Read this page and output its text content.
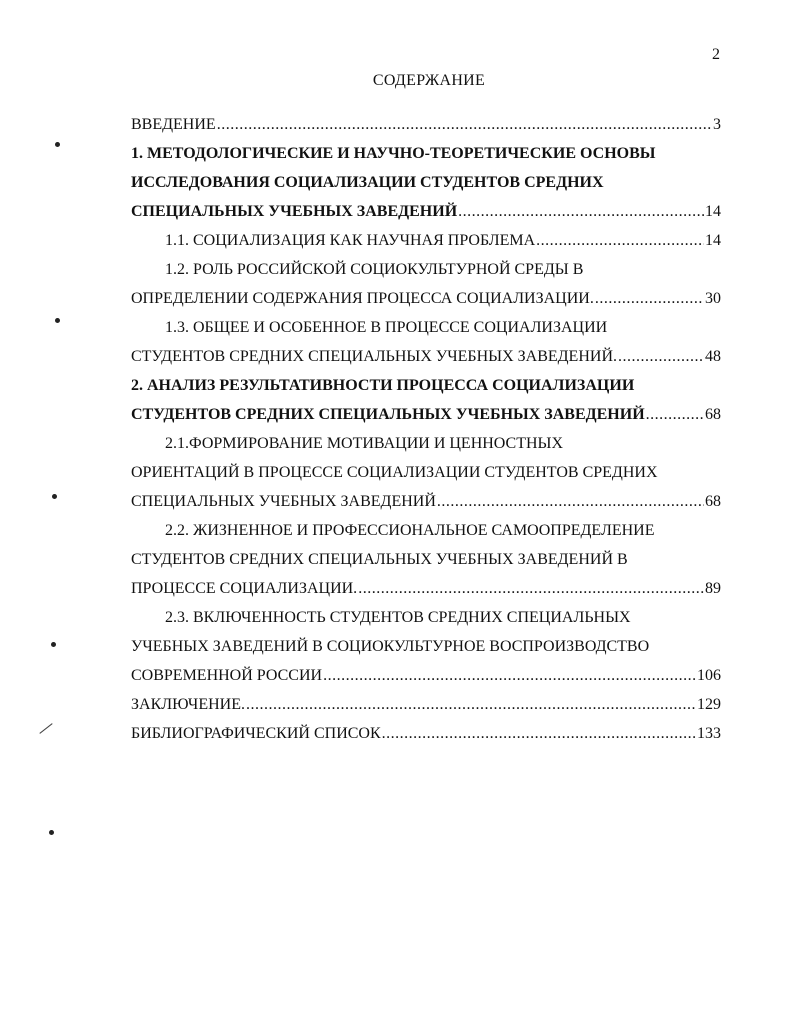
2
СОДЕРЖАНИЕ
ВВЕДЕНИЕ .....	3
1. МЕТОДОЛОГИЧЕСКИЕ И НАУЧНО-ТЕОРЕТИЧЕСКИЕ ОСНОВЫ
ИССЛЕДОВАНИЯ СОЦИАЛИЗАЦИИ СТУДЕНТОВ СРЕДНИХ
СПЕЦИАЛЬНЫХ УЧЕБНЫХ ЗАВЕДЕНИЙ .....	14
1.1. СОЦИАЛИЗАЦИЯ КАК НАУЧНАЯ ПРОБЛЕМА .....	14
1.2. РОЛЬ РОССИЙСКОЙ СОЦИОКУЛЬТУРНОЙ СРЕДЫ В
ОПРЕДЕЛЕНИИ СОДЕРЖАНИЯ ПРОЦЕССА СОЦИАЛИЗАЦИИ. .....	30
1.3. ОБЩЕЕ И ОСОБЕННОЕ В ПРОЦЕССЕ СОЦИАЛИЗАЦИИ
СТУДЕНТОВ СРЕДНИХ СПЕЦИАЛЬНЫХ УЧЕБНЫХ ЗАВЕДЕНИЙ. .....	48
2. АНАЛИЗ РЕЗУЛЬТАТИВНОСТИ ПРОЦЕССА СОЦИАЛИЗАЦИИ
СТУДЕНТОВ СРЕДНИХ СПЕЦИАЛЬНЫХ УЧЕБНЫХ ЗАВЕДЕНИЙ .....	68
2.1.ФОРМИРОВАНИЕ МОТИВАЦИИ И ЦЕННОСТНЫХ
ОРИЕНТАЦИЙ В ПРОЦЕССЕ СОЦИАЛИЗАЦИИ СТУДЕНТОВ СРЕДНИХ
СПЕЦИАЛЬНЫХ УЧЕБНЫХ ЗАВЕДЕНИЙ .....	68
2.2. ЖИЗНЕННОЕ И ПРОФЕССИОНАЛЬНОЕ САМООПРЕДЕЛЕНИЕ
СТУДЕНТОВ СРЕДНИХ СПЕЦИАЛЬНЫХ УЧЕБНЫХ ЗАВЕДЕНИЙ В
ПРОЦЕССЕ СОЦИАЛИЗАЦИИ. .....	89
2.3. ВКЛЮЧЕННОСТЬ СТУДЕНТОВ СРЕДНИХ СПЕЦИАЛЬНЫХ
УЧЕБНЫХ ЗАВЕДЕНИЙ В СОЦИОКУЛЬТУРНОЕ ВОСПРОИЗВОДСТВО
СОВРЕМЕННОЙ РОССИИ .....	106
ЗАКЛЮЧЕНИЕ. .....	129
БИБЛИОГРАФИЧЕСКИЙ СПИСОК .....	133
